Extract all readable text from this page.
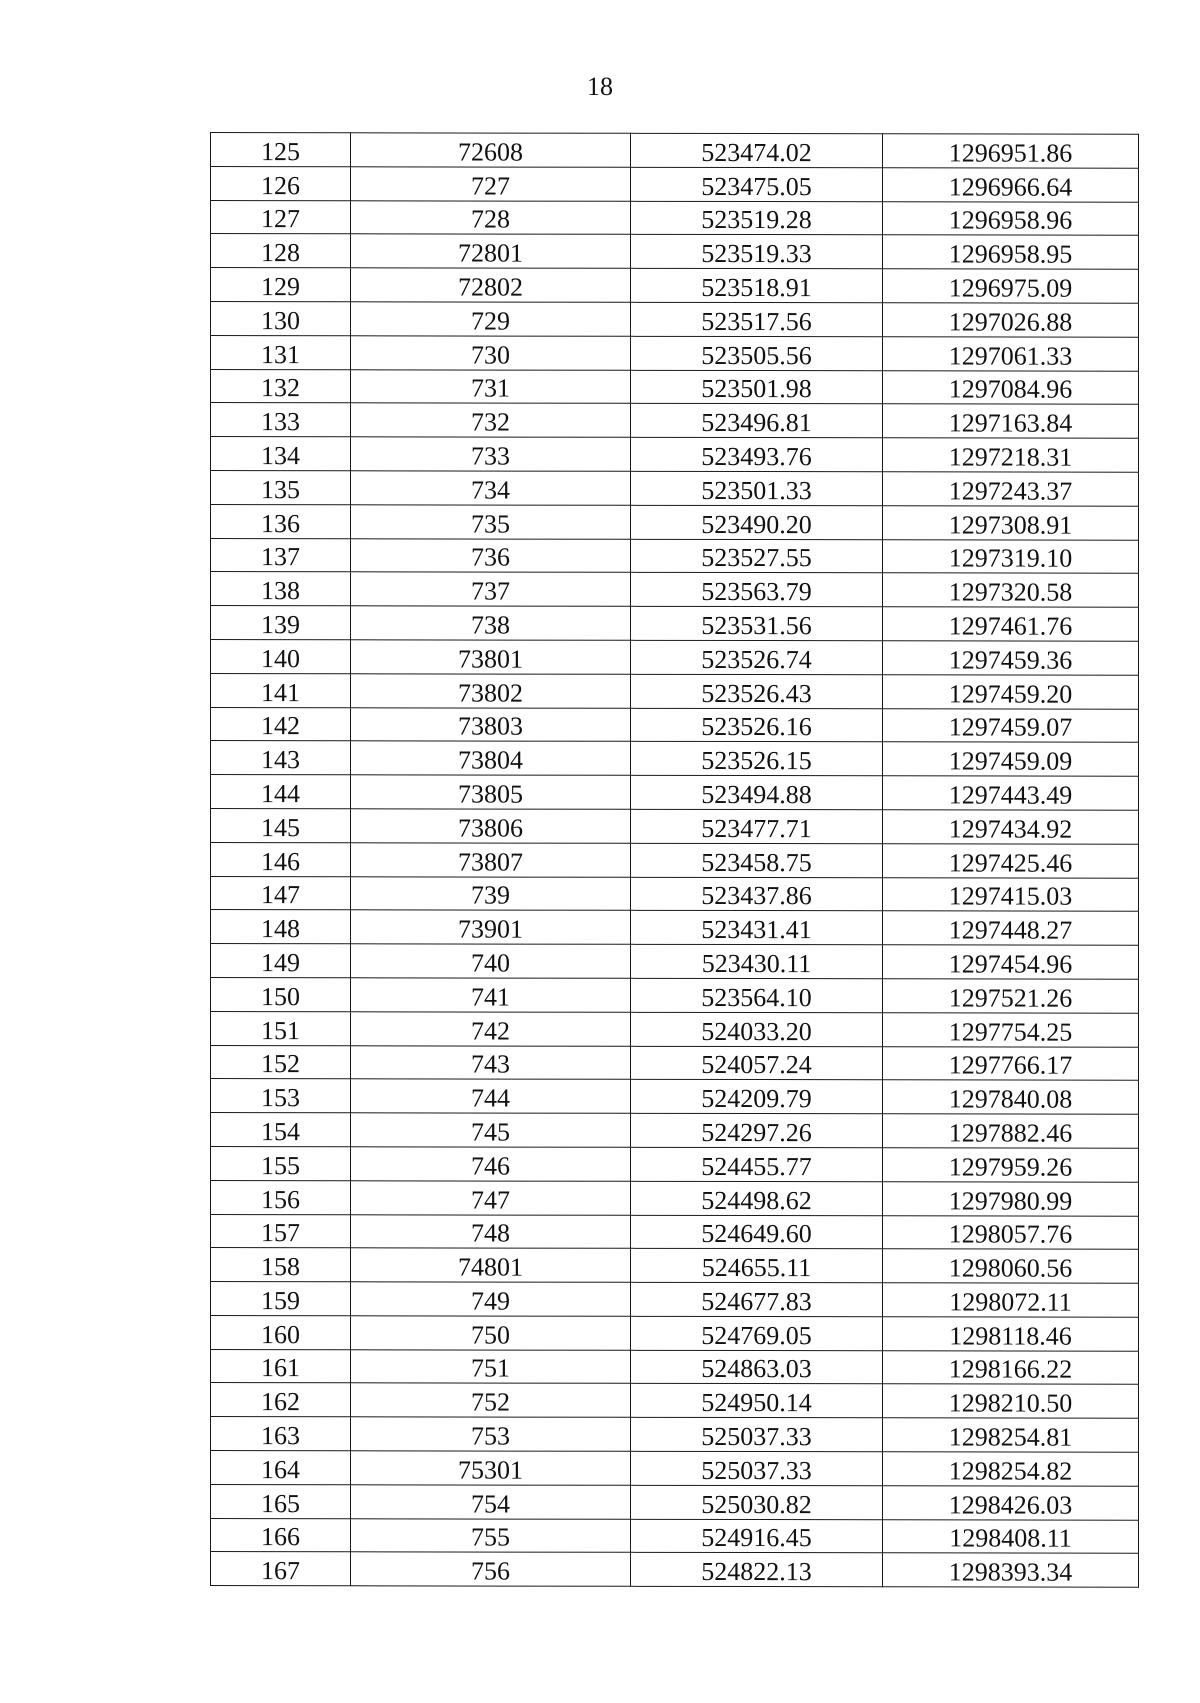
18
125	72608	523474.02	1296951.86
126	727	523475.05	1296966.64
127	728	523519.28	1296958.96
128	72801	523519.33	1296958.95
129	72802	523518.91	1296975.09
130	729	523517.56	1297026.88
131	730	523505.56	1297061.33
132	731	523501.98	1297084.96
133	732	523496.81	1297163.84
134	733	523493.76	1297218.31
135	734	523501.33	1297243.37
136	735	523490.20	1297308.91
137	736	523527.55	1297319.10
138	737	523563.79	1297320.58
139	738	523531.56	1297461.76
140	73801	523526.74	1297459.36
141	73802	523526.43	1297459.20
142	73803	523526.16	1297459.07
143	73804	523526.15	1297459.09
144	73805	523494.88	1297443.49
145	73806	523477.71	1297434.92
146	73807	523458.75	1297425.46
147	739	523437.86	1297415.03
148	73901	523431.41	1297448.27
149	740	523430.11	1297454.96
150	741	523564.10	1297521.26
151	742	524033.20	1297754.25
152	743	524057.24	1297766.17
153	744	524209.79	1297840.08
154	745	524297.26	1297882.46
155	746	524455.77	1297959.26
156	747	524498.62	1297980.99
157	748	524649.60	1298057.76
158	74801	524655.11	1298060.56
159	749	524677.83	1298072.11
160	750	524769.05	1298118.46
161	751	524863.03	1298166.22
162	752	524950.14	1298210.50
163	753	525037.33	1298254.81
164	75301	525037.33	1298254.82
165	754	525030.82	1298426.03
166	755	524916.45	1298408.11
167	756	524822.13	1298393.34
